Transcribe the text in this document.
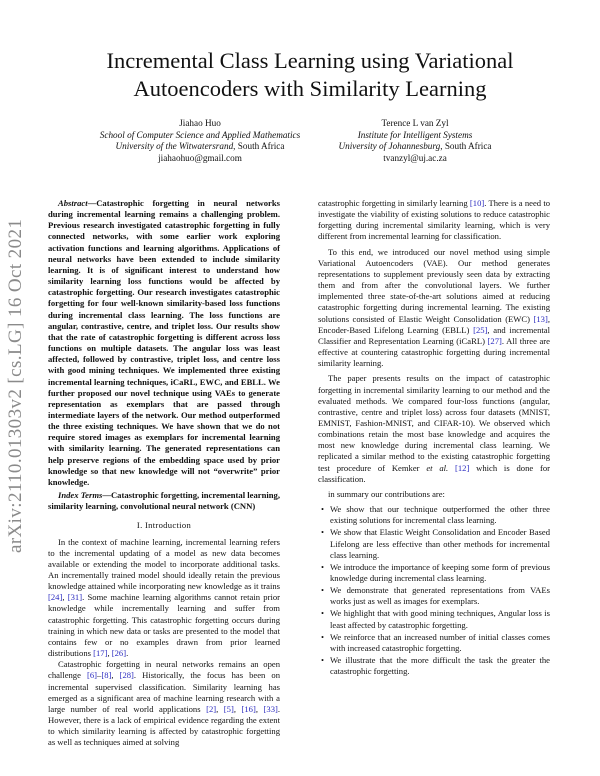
arXiv:2110.01303v2 [cs.LG] 16 Oct 2021
Incremental Class Learning using Variational
Autoencoders with Similarity Learning
Jiahao Huo
School of Computer Science and Applied Mathematics
University of the Witwatersrand, South Africa
jiahaohuo@gmail.com
Terence L van Zyl
Institute for Intelligent Systems
University of Johannesburg, South Africa
tvanzyl@uj.ac.za

Abstract—Catastrophic forgetting in neural networks during incremental learning remains a challenging problem. Previous research investigated catastrophic forgetting in fully connected networks, with some earlier work exploring activation functions and learning algorithms. Applications of neural networks have been extended to include similarity learning. It is of significant interest to understand how similarity learning loss functions would be affected by catastrophic forgetting. Our research investigates catastrophic forgetting for four well-known similarity-based loss functions during incremental class learning. The loss functions are angular, contrastive, centre, and triplet loss. Our results show that the rate of catastrophic forgetting is different across loss functions on multiple datasets. The angular loss was least affected, followed by contrastive, triplet loss, and centre loss with good mining techniques. We implemented three existing incremental learning techniques, iCaRL, EWC, and EBLL. We further proposed our novel technique using VAEs to generate representation as exemplars that are passed through intermediate layers of the network. Our method outperformed the three existing techniques. We have shown that we do not require stored images as exemplars for incremental learning with similarity learning. The generated representations can help preserve regions of the embedding space used by prior knowledge so that new knowledge will not “overwrite” prior knowledge.

Index Terms—Catastrophic forgetting, incremental learning, similarity learning, convolutional neural network (CNN)

I. Introduction

In the context of machine learning, incremental learning refers to the incremental updating of a model as new data becomes available or extending the model to incorporate additional tasks. An incrementally trained model should ideally retain the previous knowledge attained while incorporating new knowledge as it trains [24], [31]. Some machine learning algorithms cannot retain prior knowledge while incrementally learning and suffer from catastrophic forgetting. This catastrophic forgetting occurs during training in which new data or tasks are presented to the model that contains few or no examples drawn from prior learned distributions [17], [26].

Catastrophic forgetting in neural networks remains an open challenge [6]–[8], [28]. Historically, the focus has been on incremental supervised classification. Similarity learning has emerged as a significant area of machine learning research with a large number of real world applications [2], [5], [16], [33]. However, there is a lack of empirical evidence regarding the extent to which similarity learning is affected by catastrophic forgetting as well as techniques aimed at solving

catastrophic forgetting in similarly learning [10]. There is a need to investigate the viability of existing solutions to reduce catastrophic forgetting during incremental similarity learning, which is very different from incremental learning for classification.

To this end, we introduced our novel method using simple Variational Autoencoders (VAE). Our method generates representations to supplement previously seen data by extracting them and from after the convolutional layers. We further implemented three state-of-the-art solutions aimed at reducing catastrophic forgetting during incremental learning. The existing solutions consisted of Elastic Weight Consolidation (EWC) [13], Encoder-Based Lifelong Learning (EBLL) [25], and incremental Classifier and Representation Learning (iCaRL) [27]. All three are effective at countering catastrophic forgetting during incremental similarity learning.

The paper presents results on the impact of catastrophic forgetting in incremental similarity learning to our method and the evaluated methods. We compared four-loss functions (angular, contrastive, centre and triplet loss) across four datasets (MNIST, EMNIST, Fashion-MNIST, and CIFAR-10). We observed which combinations retain the most base knowledge and acquires the most new knowledge during incremental class learning. We replicated a similar method to the existing catastrophic forgetting test procedure of Kemker et al. [12] which is done for classification.

in summary our contributions are:

• We show that our technique outperformed the other three existing solutions for incremental class learning.
• We show that Elastic Weight Consolidation and Encoder Based Lifelong are less effective than other methods for incremental class learning.
• We introduce the importance of keeping some form of previous knowledge during incremental class learning.
• We demonstrate that generated representations from VAEs works just as well as images for exemplars.
• We highlight that with good mining techniques, Angular loss is least affected by catastrophic forgetting.
• We reinforce that an increased number of initial classes comes with increased catastrophic forgetting.
• We illustrate that the more difficult the task the greater the catastrophic forgetting.
